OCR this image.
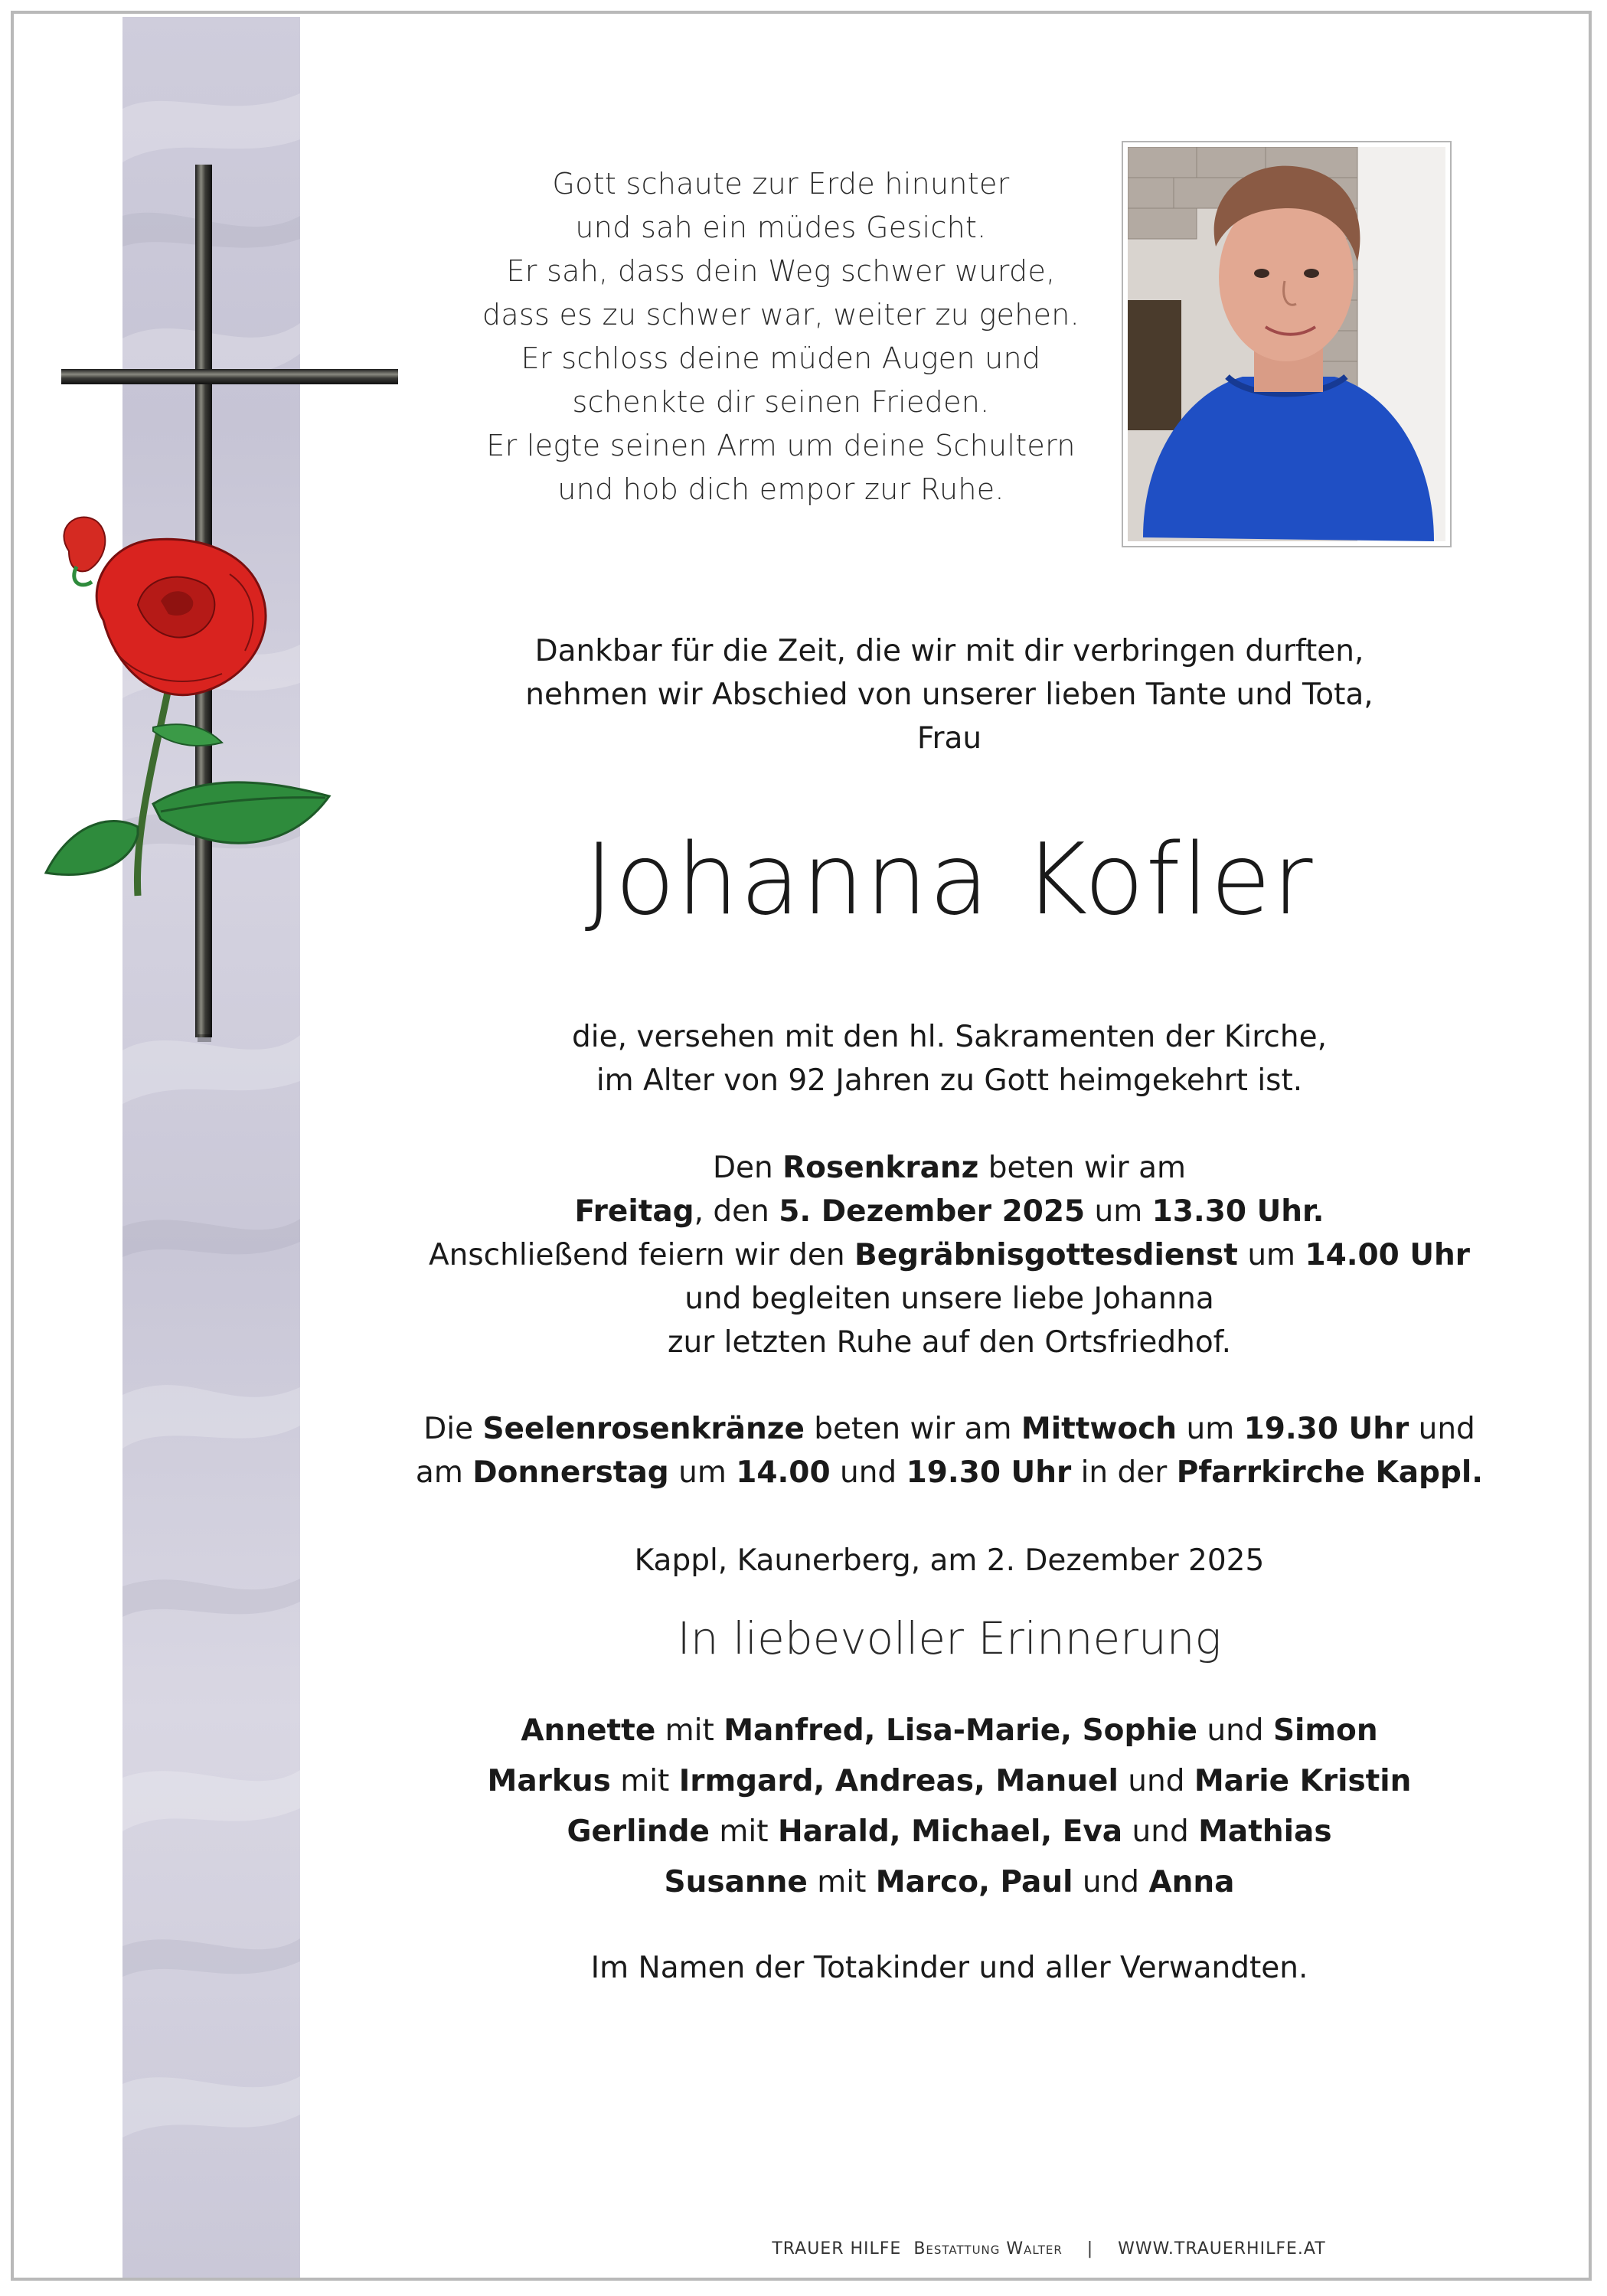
Gott schaute zur Erde hinunter
und sah ein müdes Gesicht.
Er sah, dass dein Weg schwer wurde,
dass es zu schwer war, weiter zu gehen.
Er schloss deine müden Augen und
schenkte dir seinen Frieden.
Er legte seinen Arm um deine Schultern
und hob dich empor zur Ruhe.
Dankbar für die Zeit, die wir mit dir verbringen durften,
nehmen wir Abschied von unserer lieben Tante und Tota,
Frau
Johanna Kofler
die, versehen mit den hl. Sakramenten der Kirche,
im Alter von 92 Jahren zu Gott heimgekehrt ist.
Den Rosenkranz beten wir am
Freitag, den 5. Dezember 2025 um 13.30 Uhr.
Anschließend feiern wir den Begräbnisgottesdienst um 14.00 Uhr
und begleiten unsere liebe Johanna
zur letzten Ruhe auf den Ortsfriedhof.
Die Seelenrosenkränze beten wir am Mittwoch um 19.30 Uhr und
am Donnerstag um 14.00 und 19.30 Uhr in der Pfarrkirche Kappl.
Kappl, Kaunerberg, am 2. Dezember 2025
In liebevoller Erinnerung
Annette mit Manfred, Lisa-Marie, Sophie und Simon
Markus mit Irmgard, Andreas, Manuel und Marie Kristin
Gerlinde mit Harald, Michael, Eva und Mathias
Susanne mit Marco, Paul und Anna
Im Namen der Totakinder und aller Verwandten.
TRAUER HILFE Bestattung Walter | WWW.TRAUERHILFE.AT
